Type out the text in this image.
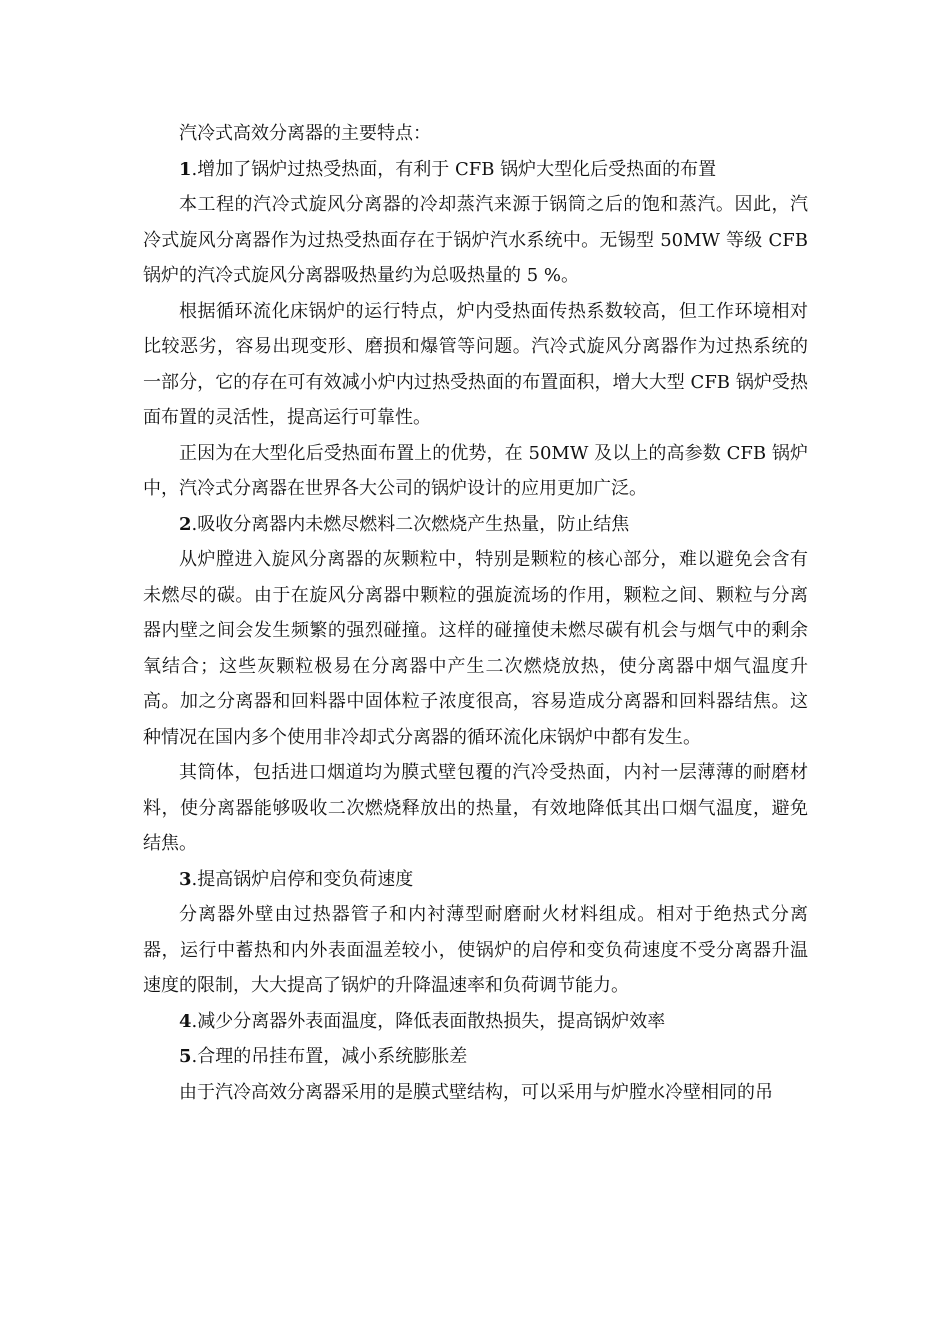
汽冷式高效分离器的主要特点：

1.增加了锅炉过热受热面，有利于 CFB 锅炉大型化后受热面的布置

本工程的汽冷式旋风分离器的冷却蒸汽来源于锅筒之后的饱和蒸汽。因此，汽冷式旋风分离器作为过热受热面存在于锅炉汽水系统中。无锡型 50MW 等级 CFB 锅炉的汽冷式旋风分离器吸热量约为总吸热量的 5 %。

根据循环流化床锅炉的运行特点，炉内受热面传热系数较高，但工作环境相对比较恶劣，容易出现变形、磨损和爆管等问题。汽冷式旋风分离器作为过热系统的一部分，它的存在可有效减小炉内过热受热面的布置面积，增大大型 CFB 锅炉受热面布置的灵活性，提高运行可靠性。

正因为在大型化后受热面布置上的优势，在 50MW 及以上的高参数 CFB 锅炉中，汽冷式分离器在世界各大公司的锅炉设计的应用更加广泛。

2.吸收分离器内未燃尽燃料二次燃烧产生热量，防止结焦

从炉膛进入旋风分离器的灰颗粒中，特别是颗粒的核心部分，难以避免会含有未燃尽的碳。由于在旋风分离器中颗粒的强旋流场的作用，颗粒之间、颗粒与分离器内壁之间会发生频繁的强烈碰撞。这样的碰撞使未燃尽碳有机会与烟气中的剩余氧结合；这些灰颗粒极易在分离器中产生二次燃烧放热，使分离器中烟气温度升高。加之分离器和回料器中固体粒子浓度很高，容易造成分离器和回料器结焦。这种情况在国内多个使用非冷却式分离器的循环流化床锅炉中都有发生。

其筒体，包括进口烟道均为膜式壁包覆的汽冷受热面，内衬一层薄薄的耐磨材料，使分离器能够吸收二次燃烧释放出的热量，有效地降低其出口烟气温度，避免结焦。

3.提高锅炉启停和变负荷速度

分离器外壁由过热器管子和内衬薄型耐磨耐火材料组成。相对于绝热式分离器，运行中蓄热和内外表面温差较小，使锅炉的启停和变负荷速度不受分离器升温速度的限制，大大提高了锅炉的升降温速率和负荷调节能力。

4.减少分离器外表面温度，降低表面散热损失，提高锅炉效率

5.合理的吊挂布置，减小系统膨胀差

由于汽冷高效分离器采用的是膜式壁结构，可以采用与炉膛水冷壁相同的吊
